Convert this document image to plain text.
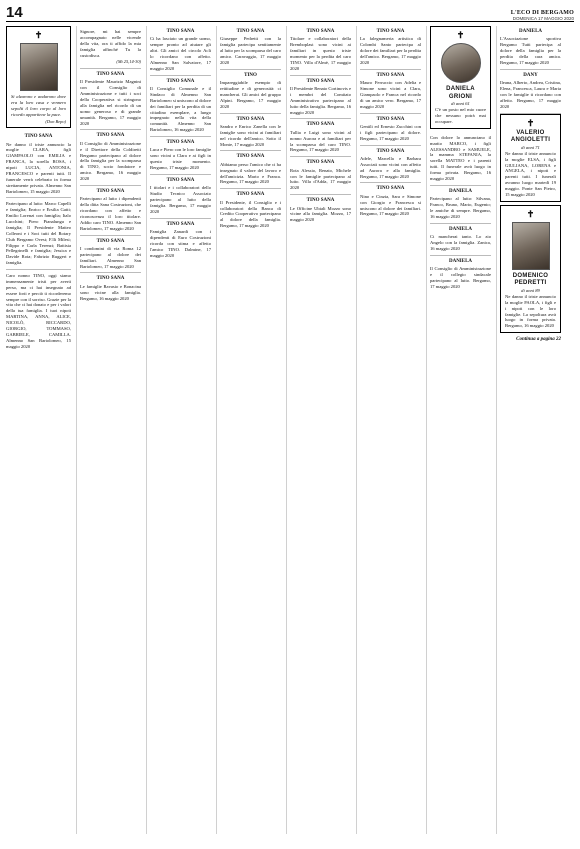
14	L'ECO DI BERGAMO
DOMENICA 17 MAGGIO 2020
✝
Si alzarono e andarono dove era la loro casa e vennero sepolti il loro corpo al loro ricordo appartiene la pace.
(Don Bepo)
TINO SANA
Ne danno il triste annuncio la moglie CLARA, figli GIAMPAOLO con EMILIA e FRANCA, la sorella ROSA, i nipoti LUCIA, ANTONIA, FRANCESCO e parenti tutti. Il funerale verrà celebrato in forma strettamente privata. Almenno San Bartolomeo, 15 maggio 2020
Partecipano al lutto: Marco Capelli e famiglia; Enrico e Ersilia Gatti; Emilio Lorenzi con famiglia; Italo Lucchini; Piero Pianalunga e famiglia; Il Presidente Matteo Colleoni e i Soci tutti del Rotary Club Bergamo Ovest; F.lli Milesi; Filippo e Carla Terenzi; Battista Pellegrinelli e famiglia; Jessica e Davide Rota; Fabrizio Ruggeri e famiglia.
Caro nonno TINO, oggi siamo immensamente tristi per averti perso, ma ci hai insegnato ad essere forti e perciò ti ricorderemo sempre con il sorriso. Grazie per la vita che ci hai donato e per i valori della tua famiglia. I tuoi nipoti MARTINA, ANNA, ALICE, NICOLÒ, RICCARDO, GIORGIO, TOMMASO, GABRIELE, CAMILLA. Almenno San Bartolomeo, 15 maggio 2020
Signore, mi hai sempre accompagnato nelle vicende della vita, ora ti affido la mia famiglia affinché Tu la custodisca.
(Mt 25,14-30)
TINO SANA
Il Presidente Maurizio Magnini con il Consiglio di Amministrazione e tutti i soci della Cooperativa si stringono alla famiglia nel ricordo di un uomo generoso e di grande umanità. Bergamo, 17 maggio 2020
TINO SANA
Il Consiglio di Amministrazione e il Direttore della Coldiretti Bergamo partecipano al dolore della famiglia per la scomparsa di TINO, socio fondatore e amico. Bergamo, 16 maggio 2020
TINO SANA
Partecipano al lutto i dipendenti della ditta Sana Costruzioni, che ricordano con affetto e riconoscenza il loro titolare. Addio caro TINO. Almenno San Bartolomeo, 17 maggio 2020
TINO SANA
I condomini di via Roma 12 partecipano al dolore dei familiari. Almenno San Bartolomeo, 17 maggio 2020
TINO SANA
Le famiglie Ravasio e Bonacina sono vicine alla famiglia. Bergamo, 16 maggio 2020
TINO SANA
Ci ha lasciato un grande uomo, sempre pronto ad aiutare gli altri. Gli amici del circolo Acli lo ricordano con affetto. Almenno San Salvatore, 17 maggio 2020
TINO SANA
Il Consiglio Comunale e il Sindaco di Almenno San Bartolomeo si uniscono al dolore dei familiari per la perdita di un cittadino esemplare, a lungo impegnato nella vita della comunità. Almenno San Bartolomeo, 16 maggio 2020
TINO SANA
Luca e Piero con le loro famiglie sono vicini a Clara e ai figli in questo triste momento. Bergamo, 17 maggio 2020
TINO SANA
I titolari e i collaboratori dello Studio Tecnico Associato partecipano al lutto della famiglia. Bergamo, 17 maggio 2020
TINO SANA
Famiglia Zanardi con i dipendenti di Euro Costruzioni ricorda con stima e affetto l'amico TINO. Dalmine, 17 maggio 2020
TINO SANA
Giuseppe Pedretti con la famiglia partecipa sentitamente al lutto per la scomparsa del caro amico. Caravaggio, 17 maggio 2020
TINO
Impareggiabile esempio di rettitudine e di generosità: ci mancherai. Gli amici del gruppo Alpini. Bergamo, 17 maggio 2020
TINO SANA
Sandro e Enrico Zanella con le famiglie sono vicini ai familiari nel ricordo dell'amico. Sotto il Monte, 17 maggio 2020
TINO SANA
Abbiamo perso l'amico che ci ha insegnato il valore del lavoro e dell'amicizia. Mario e Franca. Bergamo, 17 maggio 2020
TINO SANA
Il Presidente, il Consiglio e i collaboratori della Banca di Credito Cooperativo partecipano al dolore della famiglia. Bergamo, 17 maggio 2020
TINO SANA
Titolare e collaboratori della Bremboplast sono vicini ai familiari in questo triste momento per la perdita del caro TINO. Villa d'Almè, 17 maggio 2020
TINO SANA
Il Presidente Renato Cortinovis e i membri del Comitato Amministrativo partecipano al lutto della famiglia. Bergamo, 16 maggio 2020
TINO SANA
Tullia e Luigi sono vicini al nonno Aurora e ai familiari per la scomparsa del caro TINO. Bergamo, 17 maggio 2020
TINO SANA
Rota Alessio, Renato, Michele con le famiglie partecipano al lutto. Villa d'Adda, 17 maggio 2020
TINO SANA
Le Officine Ubiali Mozzo sono vicine alla famiglia. Mozzo, 17 maggio 2020
TINO SANA
La falegnameria artistica di Colombi Santo partecipa al dolore dei familiari per la perdita dell'amico. Bergamo, 17 maggio 2020
TINO SANA
Mauro Ferruccio con Adelia e Simone sono vicini a Clara, Giampaolo e Franca nel ricordo di un amico vero. Bergamo, 17 maggio 2020
TINO SANA
Gentili ed Ernesto Zucchini con i figli partecipano al dolore. Bergamo, 17 maggio 2020
TINO SANA
Adele, Marcella e Barbara Associati sono vicini con affetto ad Aurora e alla famiglia. Bergamo, 17 maggio 2020
TINO SANA
Nino e Cinzia, Sara e Simone con Giorgio e Francesca si uniscono al dolore dei familiari. Bergamo, 17 maggio 2020
✝
DANIELA GRIONI
di anni 61
C'è un posto nel mio cuore che nessuno potrà mai occupare.
Con dolore lo annunciano il marito MARCO, i figli ALESSANDRO e SAMUELE, la mamma STEFANIA, la sorella MATTEO e i parenti tutti. Il funerale avrà luogo in forma privata. Bergamo, 16 maggio 2020
DANIELA
Partecipano al lutto: Silvana, Franco, Bruno, Mario, Eugenio; le amiche di sempre. Bergamo, 16 maggio 2020
DANIELA
Ci mancherai tanto. Lo zio Angelo con la famiglia. Zanica, 16 maggio 2020
DANIELA
Il Consiglio di Amministrazione e il collegio sindacale partecipano al lutto. Bergamo, 17 maggio 2020
DANIELA
L'Associazione sportiva Bergamo Tutti partecipa al dolore della famiglia per la perdita della cara amica. Bergamo, 17 maggio 2020
DANY
Ileana, Alberto, Andrea, Cristina, Elena, Francesca, Laura e Maria con le famiglie ti ricordano con affetto. Bergamo, 17 maggio 2020
✝
VALERIO ANGIOLETTI
di anni 71
Ne danno il triste annuncio la moglie ELSA, i figli GIULIANA, LORENA e ANGELA, i nipoti e parenti tutti. I funerali avranno luogo martedì 19 maggio. Ponte San Pietro, 15 maggio 2020
✝
DOMENICO PEDRETTI
di anni 89
Ne danno il triste annuncio la moglie PAOLA, i figli e i nipoti con le loro famiglie. La sepoltura avrà luogo in forma privata. Bergamo, 16 maggio 2020
Continua a pagina 22
